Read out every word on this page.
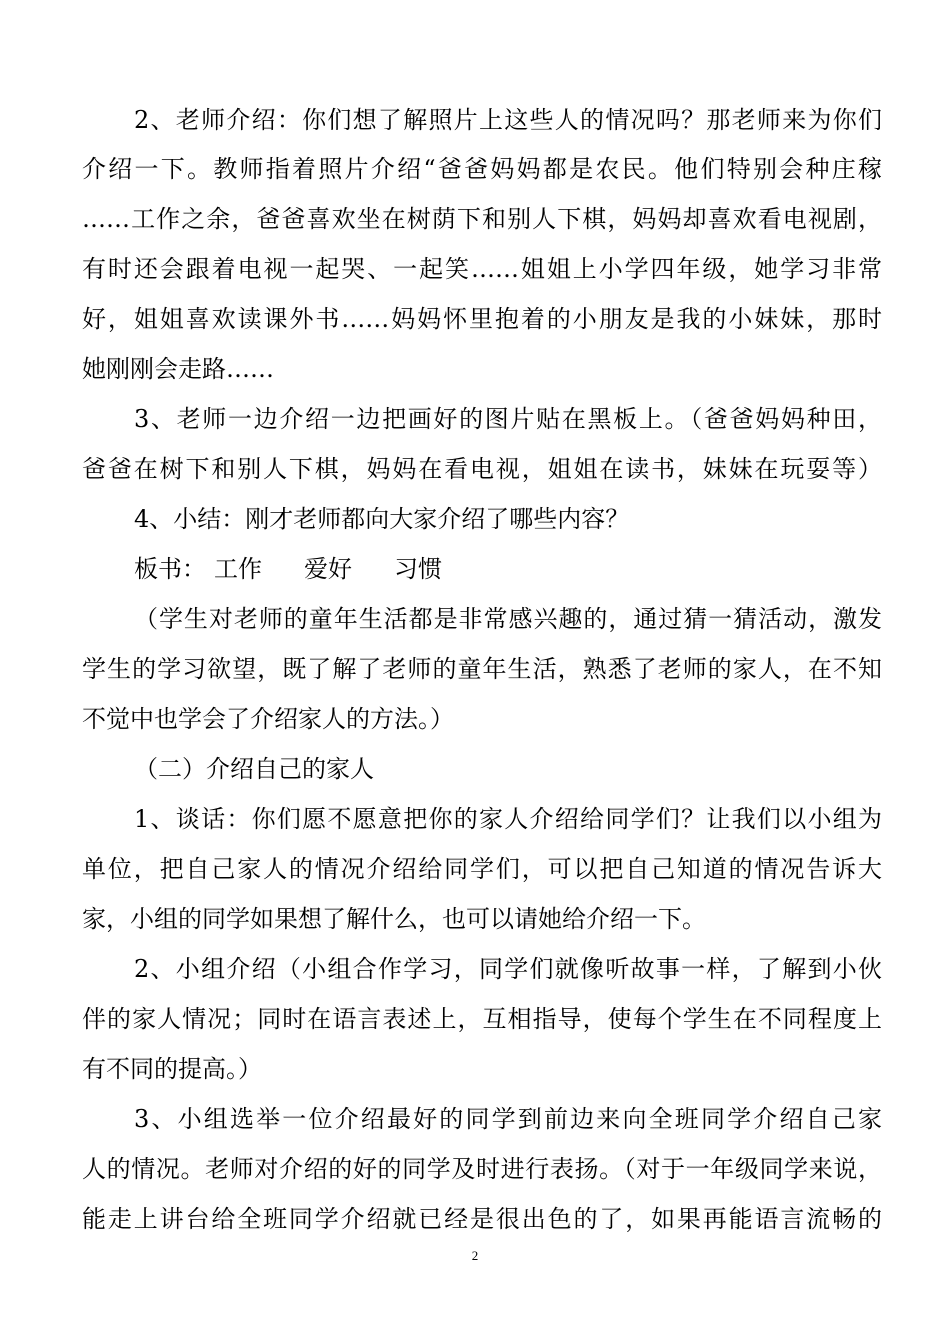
2、老师介绍：你们想了解照片上这些人的情况吗？那老师来为你们
介绍一下。教师指着照片介绍“爸爸妈妈都是农民。他们特别会种庄稼
……工作之余，爸爸喜欢坐在树荫下和别人下棋，妈妈却喜欢看电视剧，
有时还会跟着电视一起哭、一起笑……姐姐上小学四年级，她学习非常
好，姐姐喜欢读课外书……妈妈怀里抱着的小朋友是我的小妹妹，那时
她刚刚会走路……
3、老师一边介绍一边把画好的图片贴在黑板上。（爸爸妈妈种田，
爸爸在树下和别人下棋，妈妈在看电视，姐姐在读书，妹妹在玩耍等）
4、小结：刚才老师都向大家介绍了哪些内容？
板书： 工作 爱好 习惯
（学生对老师的童年生活都是非常感兴趣的，通过猜一猜活动，激发
学生的学习欲望，既了解了老师的童年生活，熟悉了老师的家人，在不知
不觉中也学会了介绍家人的方法。）
（二）介绍自己的家人
1、谈话：你们愿不愿意把你的家人介绍给同学们？让我们以小组为
单位，把自己家人的情况介绍给同学们，可以把自己知道的情况告诉大
家，小组的同学如果想了解什么，也可以请她给介绍一下。
2、小组介绍（小组合作学习，同学们就像听故事一样，了解到小伙
伴的家人情况；同时在语言表述上，互相指导，使每个学生在不同程度上
有不同的提高。）
3、小组选举一位介绍最好的同学到前边来向全班同学介绍自己家
人的情况。老师对介绍的好的同学及时进行表扬。（对于一年级同学来说，
能走上讲台给全班同学介绍就已经是很出色的了，如果再能语言流畅的
2
